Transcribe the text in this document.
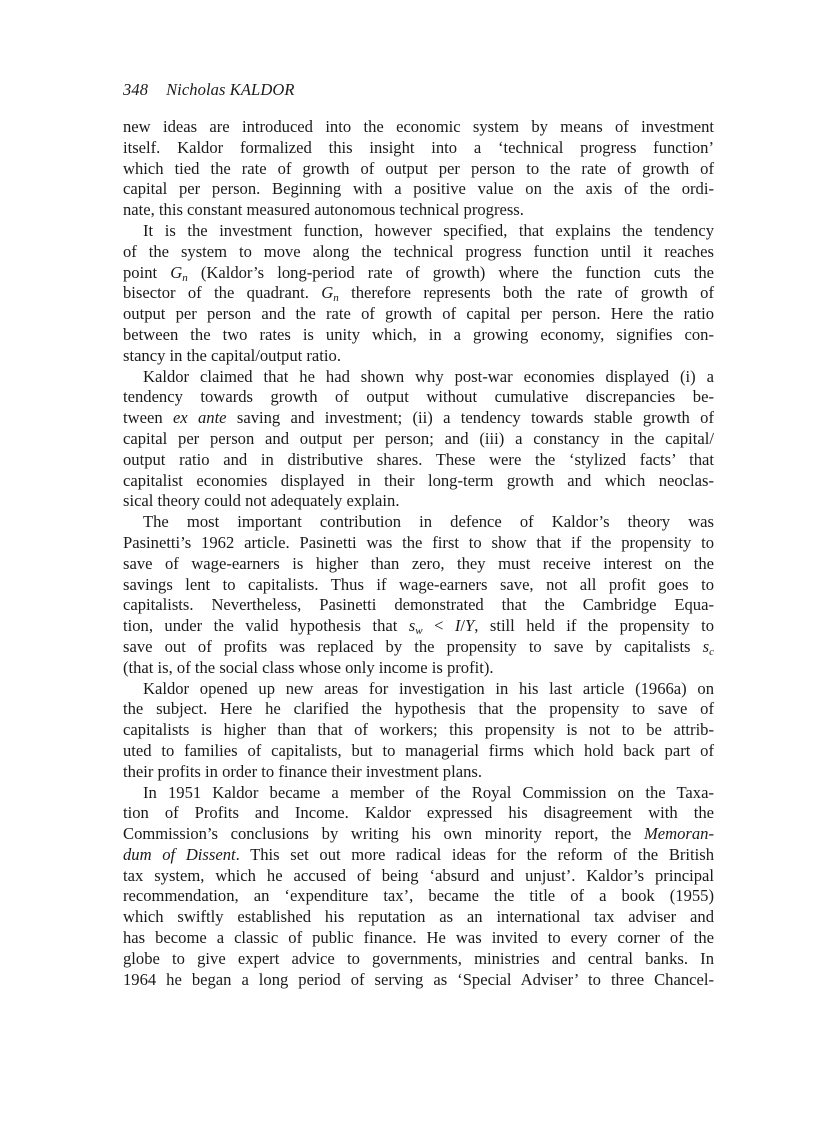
348 Nicholas KALDOR

new ideas are introduced into the economic system by means of investment
itself. Kaldor formalized this insight into a ‘technical progress function’
which tied the rate of growth of output per person to the rate of growth of
capital per person. Beginning with a positive value on the axis of the ordi-
nate, this constant measured autonomous technical progress.

It is the investment function, however specified, that explains the tendency
of the system to move along the technical progress function until it reaches
point $G_n$ (Kaldor’s long-period rate of growth) where the function cuts the
bisector of the quadrant. $G_n$ therefore represents both the rate of growth of
output per person and the rate of growth of capital per person. Here the ratio
between the two rates is unity which, in a growing economy, signifies con-
stancy in the capital/output ratio.

Kaldor claimed that he had shown why post-war economies displayed (i) a
tendency towards growth of output without cumulative discrepancies be-
tween ex ante saving and investment; (ii) a tendency towards stable growth of
capital per person and output per person; and (iii) a constancy in the capital/
output ratio and in distributive shares. These were the ‘stylized facts’ that
capitalist economies displayed in their long-term growth and which neoclas-
sical theory could not adequately explain.

The most important contribution in defence of Kaldor’s theory was
Pasinetti’s 1962 article. Pasinetti was the first to show that if the propensity to
save of wage-earners is higher than zero, they must receive interest on the
savings lent to capitalists. Thus if wage-earners save, not all profit goes to
capitalists. Nevertheless, Pasinetti demonstrated that the Cambridge Equa-
tion, under the valid hypothesis that $s_w < I/Y$, still held if the propensity to
save out of profits was replaced by the propensity to save by capitalists $s_c$
(that is, of the social class whose only income is profit).

Kaldor opened up new areas for investigation in his last article (1966a) on
the subject. Here he clarified the hypothesis that the propensity to save of
capitalists is higher than that of workers; this propensity is not to be attrib-
uted to families of capitalists, but to managerial firms which hold back part of
their profits in order to finance their investment plans.

In 1951 Kaldor became a member of the Royal Commission on the Taxa-
tion of Profits and Income. Kaldor expressed his disagreement with the
Commission’s conclusions by writing his own minority report, the Memoran-
dum of Dissent. This set out more radical ideas for the reform of the British
tax system, which he accused of being ‘absurd and unjust’. Kaldor’s principal
recommendation, an ‘expenditure tax’, became the title of a book (1955)
which swiftly established his reputation as an international tax adviser and
has become a classic of public finance. He was invited to every corner of the
globe to give expert advice to governments, ministries and central banks. In
1964 he began a long period of serving as ‘Special Adviser’ to three Chancel-
